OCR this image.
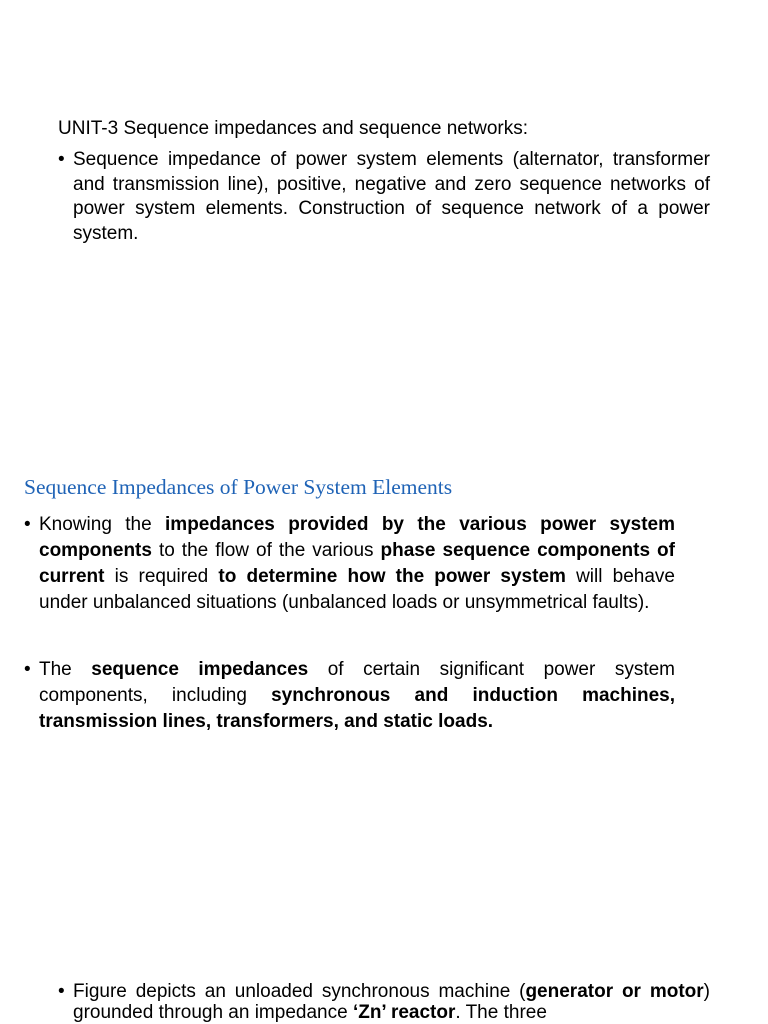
UNIT-3 Sequence impedances and sequence networks:

• Sequence impedance of power system elements (alternator, transformer and transmission line), positive, negative and zero sequence networks of power system elements. Construction of sequence network of a power system.

Sequence Impedances of Power System Elements

• Knowing the impedances provided by the various power system components to the flow of the various phase sequence components of current is required to determine how the power system will behave under unbalanced situations (unbalanced loads or unsymmetrical faults).

• The sequence impedances of certain significant power system components, including synchronous and induction machines, transmission lines, transformers, and static loads.

• Figure depicts an unloaded synchronous machine (generator or motor) grounded through an impedance ‘Zn’ reactor. The three
